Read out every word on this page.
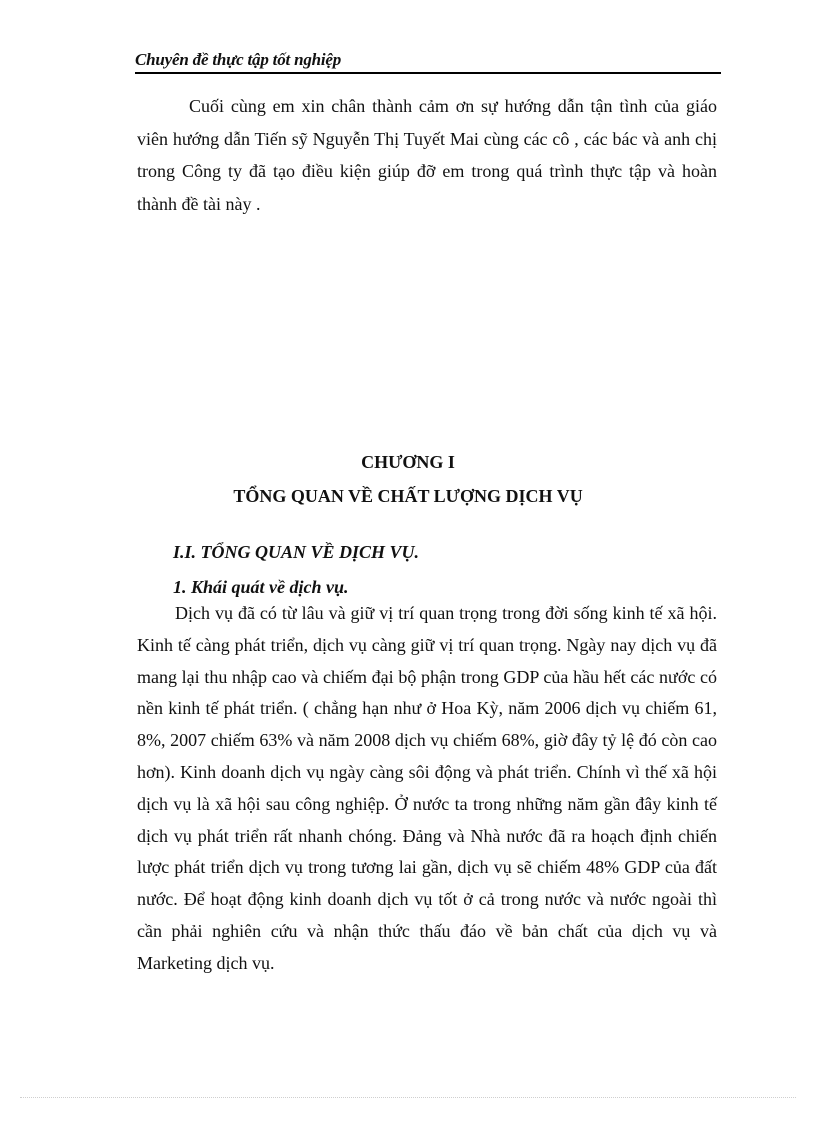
Chuyên đề thực tập tốt nghiệp

Cuối cùng em xin chân thành cảm ơn sự hướng dẫn tận tình của giáo viên hướng dẫn Tiến sỹ Nguyễn Thị Tuyết Mai cùng các cô , các bác và anh chị trong Công ty đã tạo điều kiện giúp đỡ em trong quá trình thực tập và hoàn thành đề tài này .

CHƯƠNG I
TỔNG QUAN VỀ CHẤT LƯỢNG DỊCH VỤ
I.I. TỔNG QUAN VỀ DỊCH VỤ.
1. Khái quát về dịch vụ.

Dịch vụ đã có từ lâu và giữ vị trí quan trọng trong đời sống kinh tế xã hội. Kinh tế càng phát triển, dịch vụ càng giữ vị trí quan trọng. Ngày nay dịch vụ đã mang lại thu nhập cao và chiếm đại bộ phận trong GDP của hầu hết các nước có nền kinh tế phát triển. ( chẳng hạn như ở Hoa Kỳ, năm 2006 dịch vụ chiếm 61, 8%, 2007 chiếm 63% và năm 2008 dịch vụ chiếm 68%, giờ đây tỷ lệ đó còn cao hơn). Kinh doanh dịch vụ ngày càng sôi động và phát triển. Chính vì thế xã hội dịch vụ là xã hội sau công nghiệp. Ở nước ta trong những năm gần đây kinh tế dịch vụ phát triển rất nhanh chóng. Đảng và Nhà nước đã ra hoạch định chiến lược phát triển dịch vụ trong tương lai gần, dịch vụ sẽ chiếm 48% GDP của đất nước. Để hoạt động kinh doanh dịch vụ tốt ở cả trong nước và nước ngoài thì cần phải nghiên cứu và nhận thức thấu đáo về bản chất của dịch vụ và Marketing dịch vụ.
